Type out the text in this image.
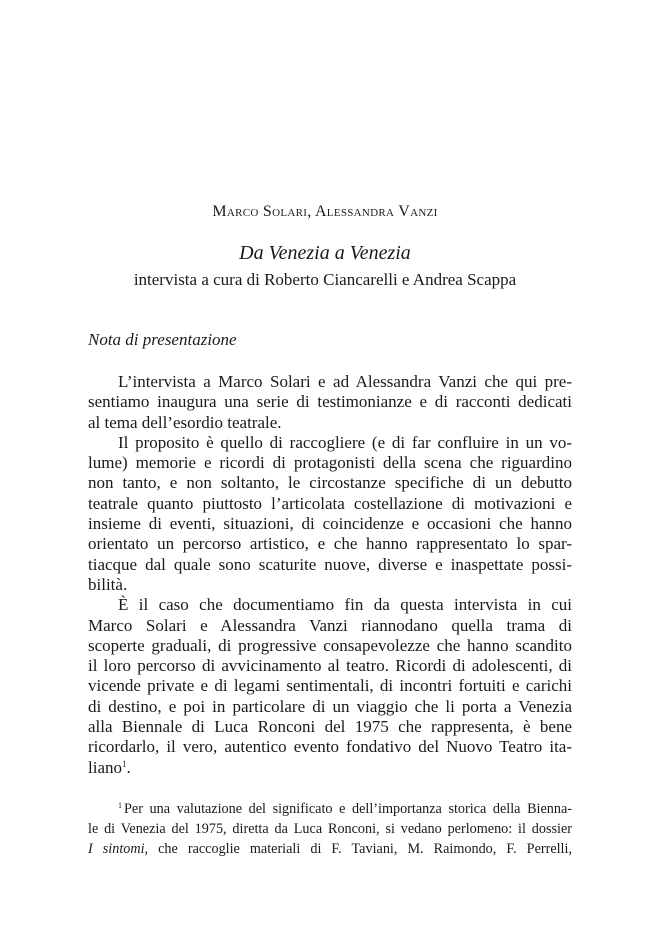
Marco Solari, Alessandra Vanzi
Da Venezia a Venezia
intervista a cura di Roberto Ciancarelli e Andrea Scappa
Nota di presentazione
L’intervista a Marco Solari e ad Alessandra Vanzi che qui pre-
sentiamo inaugura una serie di testimonianze e di racconti dedicati
al tema dell’esordio teatrale.
Il proposito è quello di raccogliere (e di far confluire in un vo-
lume) memorie e ricordi di protagonisti della scena che riguardino
non tanto, e non soltanto, le circostanze specifiche di un debutto
teatrale quanto piuttosto l’articolata costellazione di motivazioni e
insieme di eventi, situazioni, di coincidenze e occasioni che hanno
orientato un percorso artistico, e che hanno rappresentato lo spar-
tiacque dal quale sono scaturite nuove, diverse e inaspettate possi-
bilità.
È il caso che documentiamo fin da questa intervista in cui
Marco Solari e Alessandra Vanzi riannodano quella trama di
scoperte graduali, di progressive consapevolezze che hanno scandito
il loro percorso di avvicinamento al teatro. Ricordi di adolescenti, di
vicende private e di legami sentimentali, di incontri fortuiti e carichi
di destino, e poi in particolare di un viaggio che li porta a Venezia
alla Biennale di Luca Ronconi del 1975 che rappresenta, è bene
ricordarlo, il vero, autentico evento fondativo del Nuovo Teatro ita-
liano$^1$.
$^1$ Per una valutazione del significato e dell’importanza storica della Bienna-
le di Venezia del 1975, diretta da Luca Ronconi, si vedano perlomeno: il dossier
I sintomi, che raccoglie materiali di F. Taviani, M. Raimondo, F. Perrelli,
